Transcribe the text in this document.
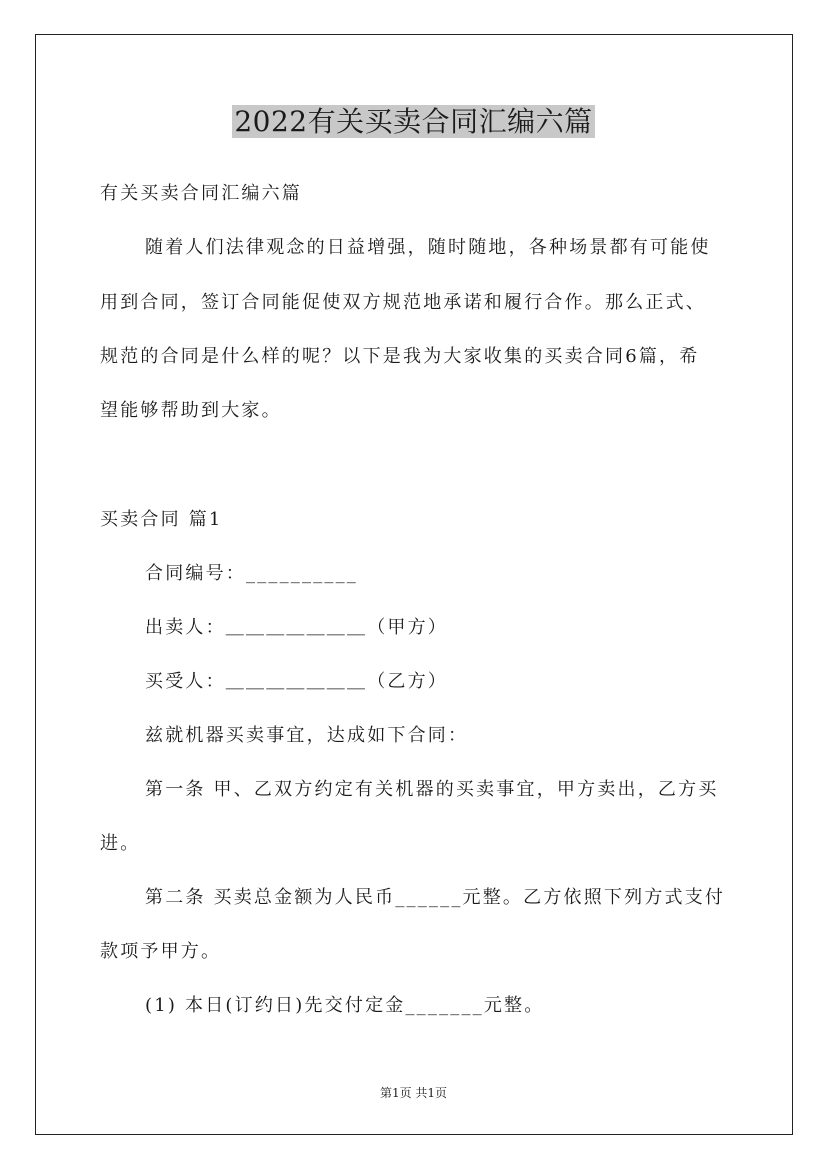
2022有关买卖合同汇编六篇
有关买卖合同汇编六篇
随着人们法律观念的日益增强，随时随地，各种场景都有可能使
用到合同，签订合同能促使双方规范地承诺和履行合作。那么正式、
规范的合同是什么样的呢？以下是我为大家收集的买卖合同6篇，希
望能够帮助到大家。
买卖合同 篇1
合同编号：__________
出卖人：＿＿＿＿＿＿＿（甲方）
买受人：＿＿＿＿＿＿＿（乙方）
兹就机器买卖事宜，达成如下合同：
第一条 甲、乙双方约定有关机器的买卖事宜，甲方卖出，乙方买
进。
第二条 买卖总金额为人民币______元整。乙方依照下列方式支付
款项予甲方。
(1) 本日(订约日)先交付定金_______元整。
第1页 共1页
